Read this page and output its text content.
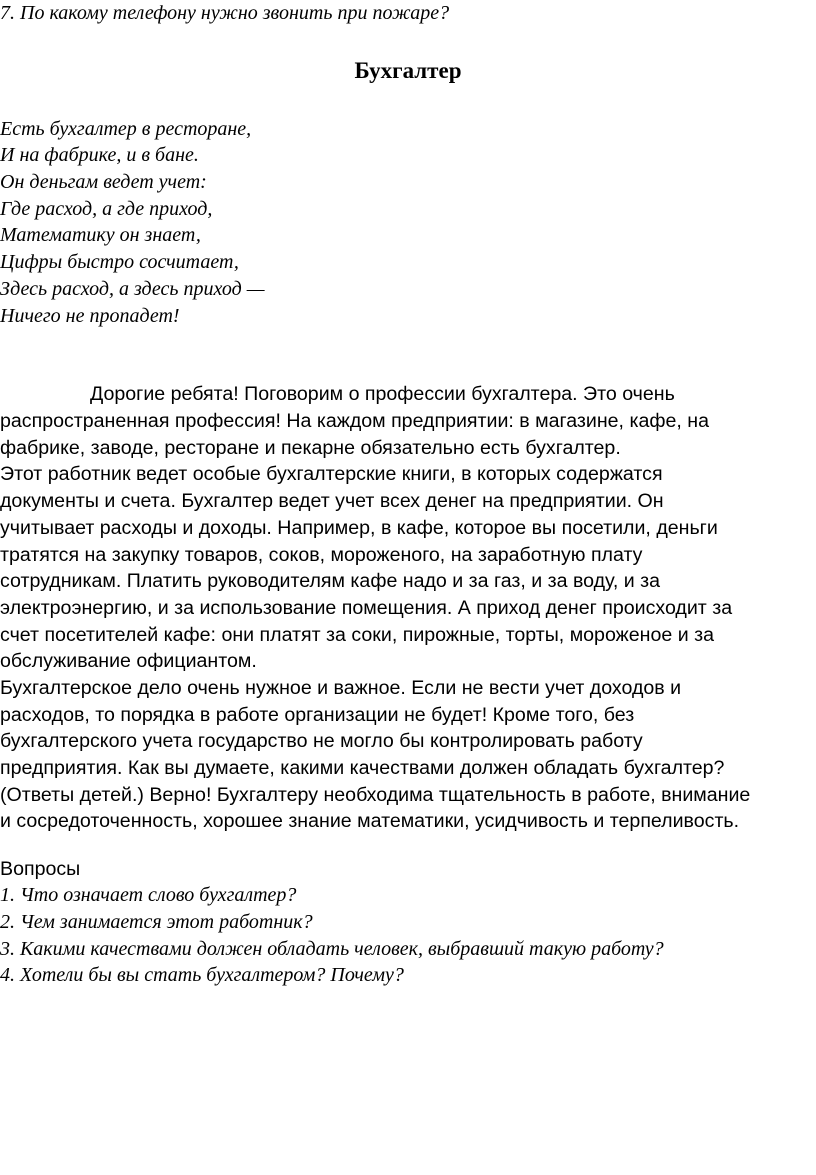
7. По какому телефону нужно звонить при пожаре?
Бухгалтер
Есть бухгалтер в ресторане,
И на фабрике, и в бане.
Он деньгам ведет учет:
Где расход, а где приход,
Математику он знает,
Цифры быстро сосчитает,
Здесь расход, а здесь приход —
Ничего не пропадет!
Дорогие ребята! Поговорим о профессии бухгалтера. Это очень
распространенная профессия! На каждом предприятии: в магазине, кафе, на
фабрике, заводе, ресторане и пекарне обязательно есть бухгалтер.
Этот работник ведет особые бухгалтерские книги, в которых содержатся
документы и счета. Бухгалтер ведет учет всех денег на предприятии. Он
учитывает расходы и доходы. Например, в кафе, которое вы посетили, деньги
тратятся на закупку товаров, соков, мороженого, на заработную плату
сотрудникам. Платить руководителям кафе надо и за газ, и за воду, и за
электроэнергию, и за использование помещения. А приход денег происходит за
счет посетителей кафе: они платят за соки, пирожные, торты, мороженое и за
обслуживание официантом.
Бухгалтерское дело очень нужное и важное. Если не вести учет доходов и
расходов, то порядка в работе организации не будет! Кроме того, без
бухгалтерского учета государство не могло бы контролировать работу
предприятия. Как вы думаете, какими качествами должен обладать бухгалтер?
(Ответы детей.) Верно! Бухгалтеру необходима тщательность в работе, внимание
и сосредоточенность, хорошее знание математики, усидчивость и терпеливость.
Вопросы
1. Что означает слово бухгалтер?
2. Чем занимается этот работник?
3. Какими качествами должен обладать человек, выбравший такую работу?
4. Хотели бы вы стать бухгалтером? Почему?
